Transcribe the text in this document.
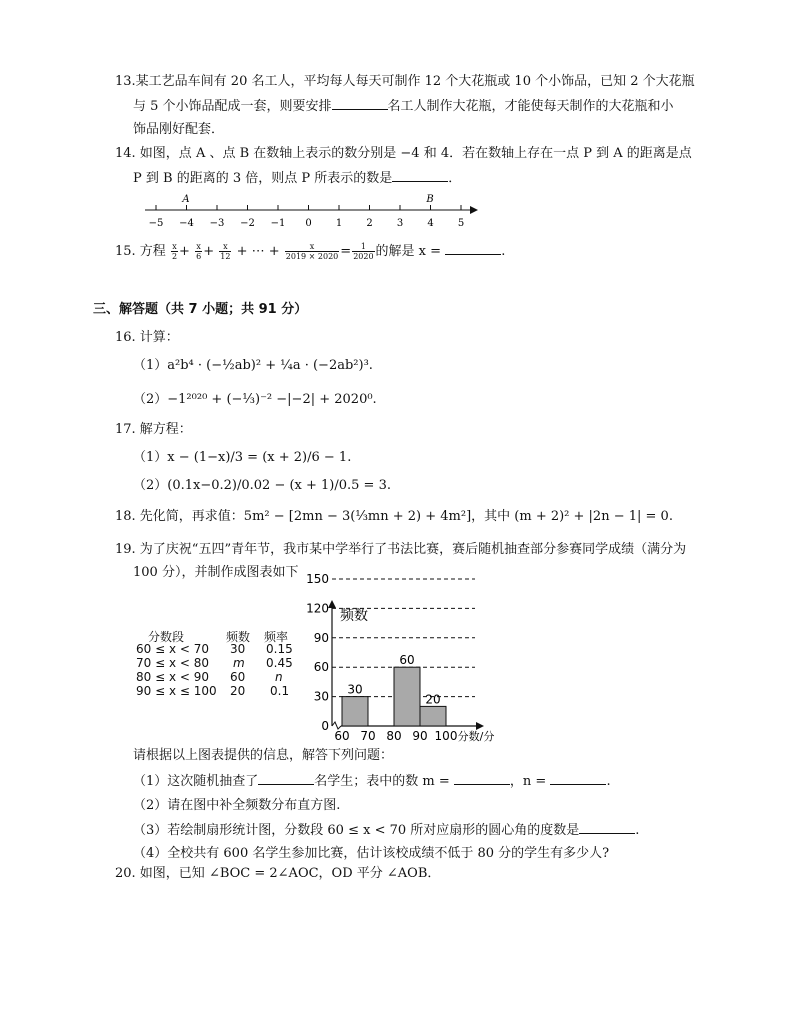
13.某工艺品车间有 20 名工人，平均每人每天可制作 12 个大花瓶或 10 个小饰品，已知 2 个大花瓶
与 5 个小饰品配成一套，则要安排	名工人制作大花瓶，才能使每天制作的大花瓶和小
饰品刚好配套．
14. 如图，点 A 、点 B 在数轴上表示的数分别是 −4 和 4．若在数轴上存在一点 P 到 A 的距离是点
P 到 B 的距离的 3 倍，则点 P 所表示的数是	．
−5 −4 −3 −2 −1 0 1 2 3 4 5
A	B
15. 方程 $\frac{x}{2} + \frac{x}{6} + \frac{x}{12}$ + ⋯ + $\frac{x}{2019 \times 2020} = \frac{1}{2020}$ 的解是 x =	.
三、解答题（共 7 小题；共 91 分）
16. 计算：
（1）a²b⁴ · (−½ab)² + ¼a · (−2ab²)³.
（2）−1²⁰²⁰ + (−⅓)⁻² −|−2| + 2020⁰.
17. 解方程：
（1）x − (1−x)/3 = (x + 2)/6 − 1.
（2）(0.1x−0.2)/0.02 − (x + 1)/0.5 = 3.
18. 先化简，再求值：5m² − [2mn − 3(⅓mn + 2) + 4m²]，其中 (m + 2)² + |2n − 1| = 0.
19. 为了庆祝“五四”青年节，我市某中学举行了书法比赛，赛后随机抽查部分参赛同学成绩（满分为
100 分），并制作成图表如下
分数段	频数 频率
60 ≤ x < 70 30 0.15
70 ≤ x < 80 m 0.45
80 ≤ x < 90 60 n
90 ≤ x ≤ 100 20 0.1
频数
0
30
60
90
120
150
30
60
20
60 70 80 90 100 分数/分
请根据以上图表提供的信息，解答下列问题：
（1）这次随机抽查了	名学生；表中的数 m =	，n =	.
（2）请在图中补全频数分布直方图.
（3）若绘制扇形统计图，分数段 60 ≤ x < 70 所对应扇形的圆心角的度数是	.
（4）全校共有 600 名学生参加比赛，估计该校成绩不低于 80 分的学生有多少人?
20. 如图，已知 ∠BOC = 2∠AOC，OD 平分 ∠AOB．
